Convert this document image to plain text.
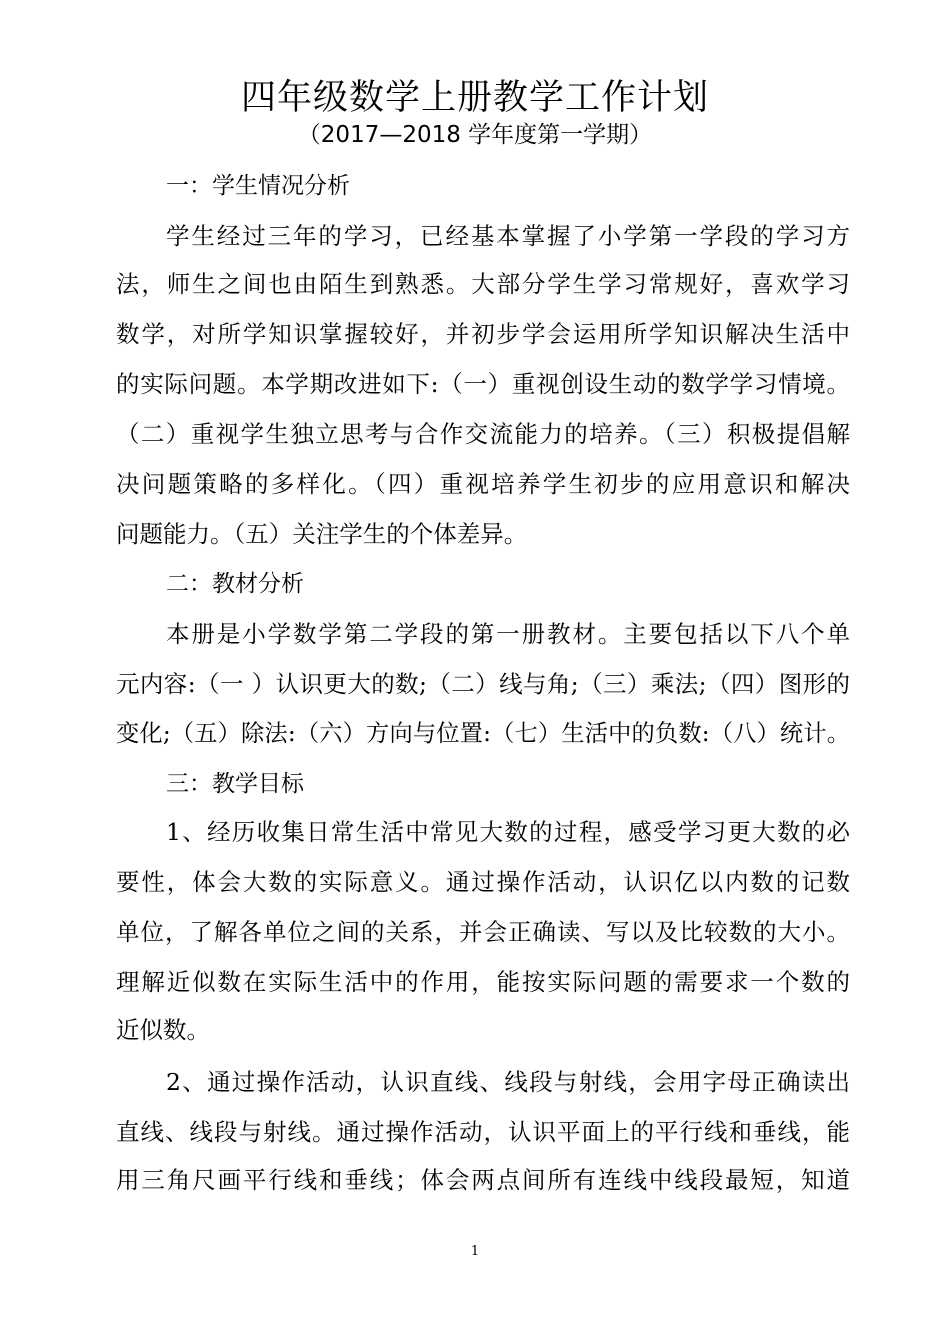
四年级数学上册教学工作计划
（2017—2018 学年度第一学期）
一：学生情况分析
学生经过三年的学习，已经基本掌握了小学第一学段的学习方
法，师生之间也由陌生到熟悉。大部分学生学习常规好，喜欢学习
数学，对所学知识掌握较好，并初步学会运用所学知识解决生活中
的实际问题。本学期改进如下:（一）重视创设生动的数学学习情境。
（二）重视学生独立思考与合作交流能力的培养。（三）积极提倡解
决问题策略的多样化。（四）重视培养学生初步的应用意识和解决
问题能力。（五）关注学生的个体差异。
二：教材分析
本册是小学数学第二学段的第一册教材。主要包括以下八个单
元内容:（一 ）认识更大的数;（二）线与角;（三）乘法;（四）图形的
变化;（五）除法:（六）方向与位置:（七）生活中的负数:（八）统计。
三：教学目标
1、经历收集日常生活中常见大数的过程，感受学习更大数的必
要性，体会大数的实际意义。通过操作活动，认识亿以内数的记数
单位，了解各单位之间的关系，并会正确读、写以及比较数的大小。
理解近似数在实际生活中的作用，能按实际问题的需要求一个数的
近似数。
2、通过操作活动，认识直线、线段与射线，会用字母正确读出
直线、线段与射线。通过操作活动，认识平面上的平行线和垂线，能
用三角尺画平行线和垂线；体会两点间所有连线中线段最短，知道
1
